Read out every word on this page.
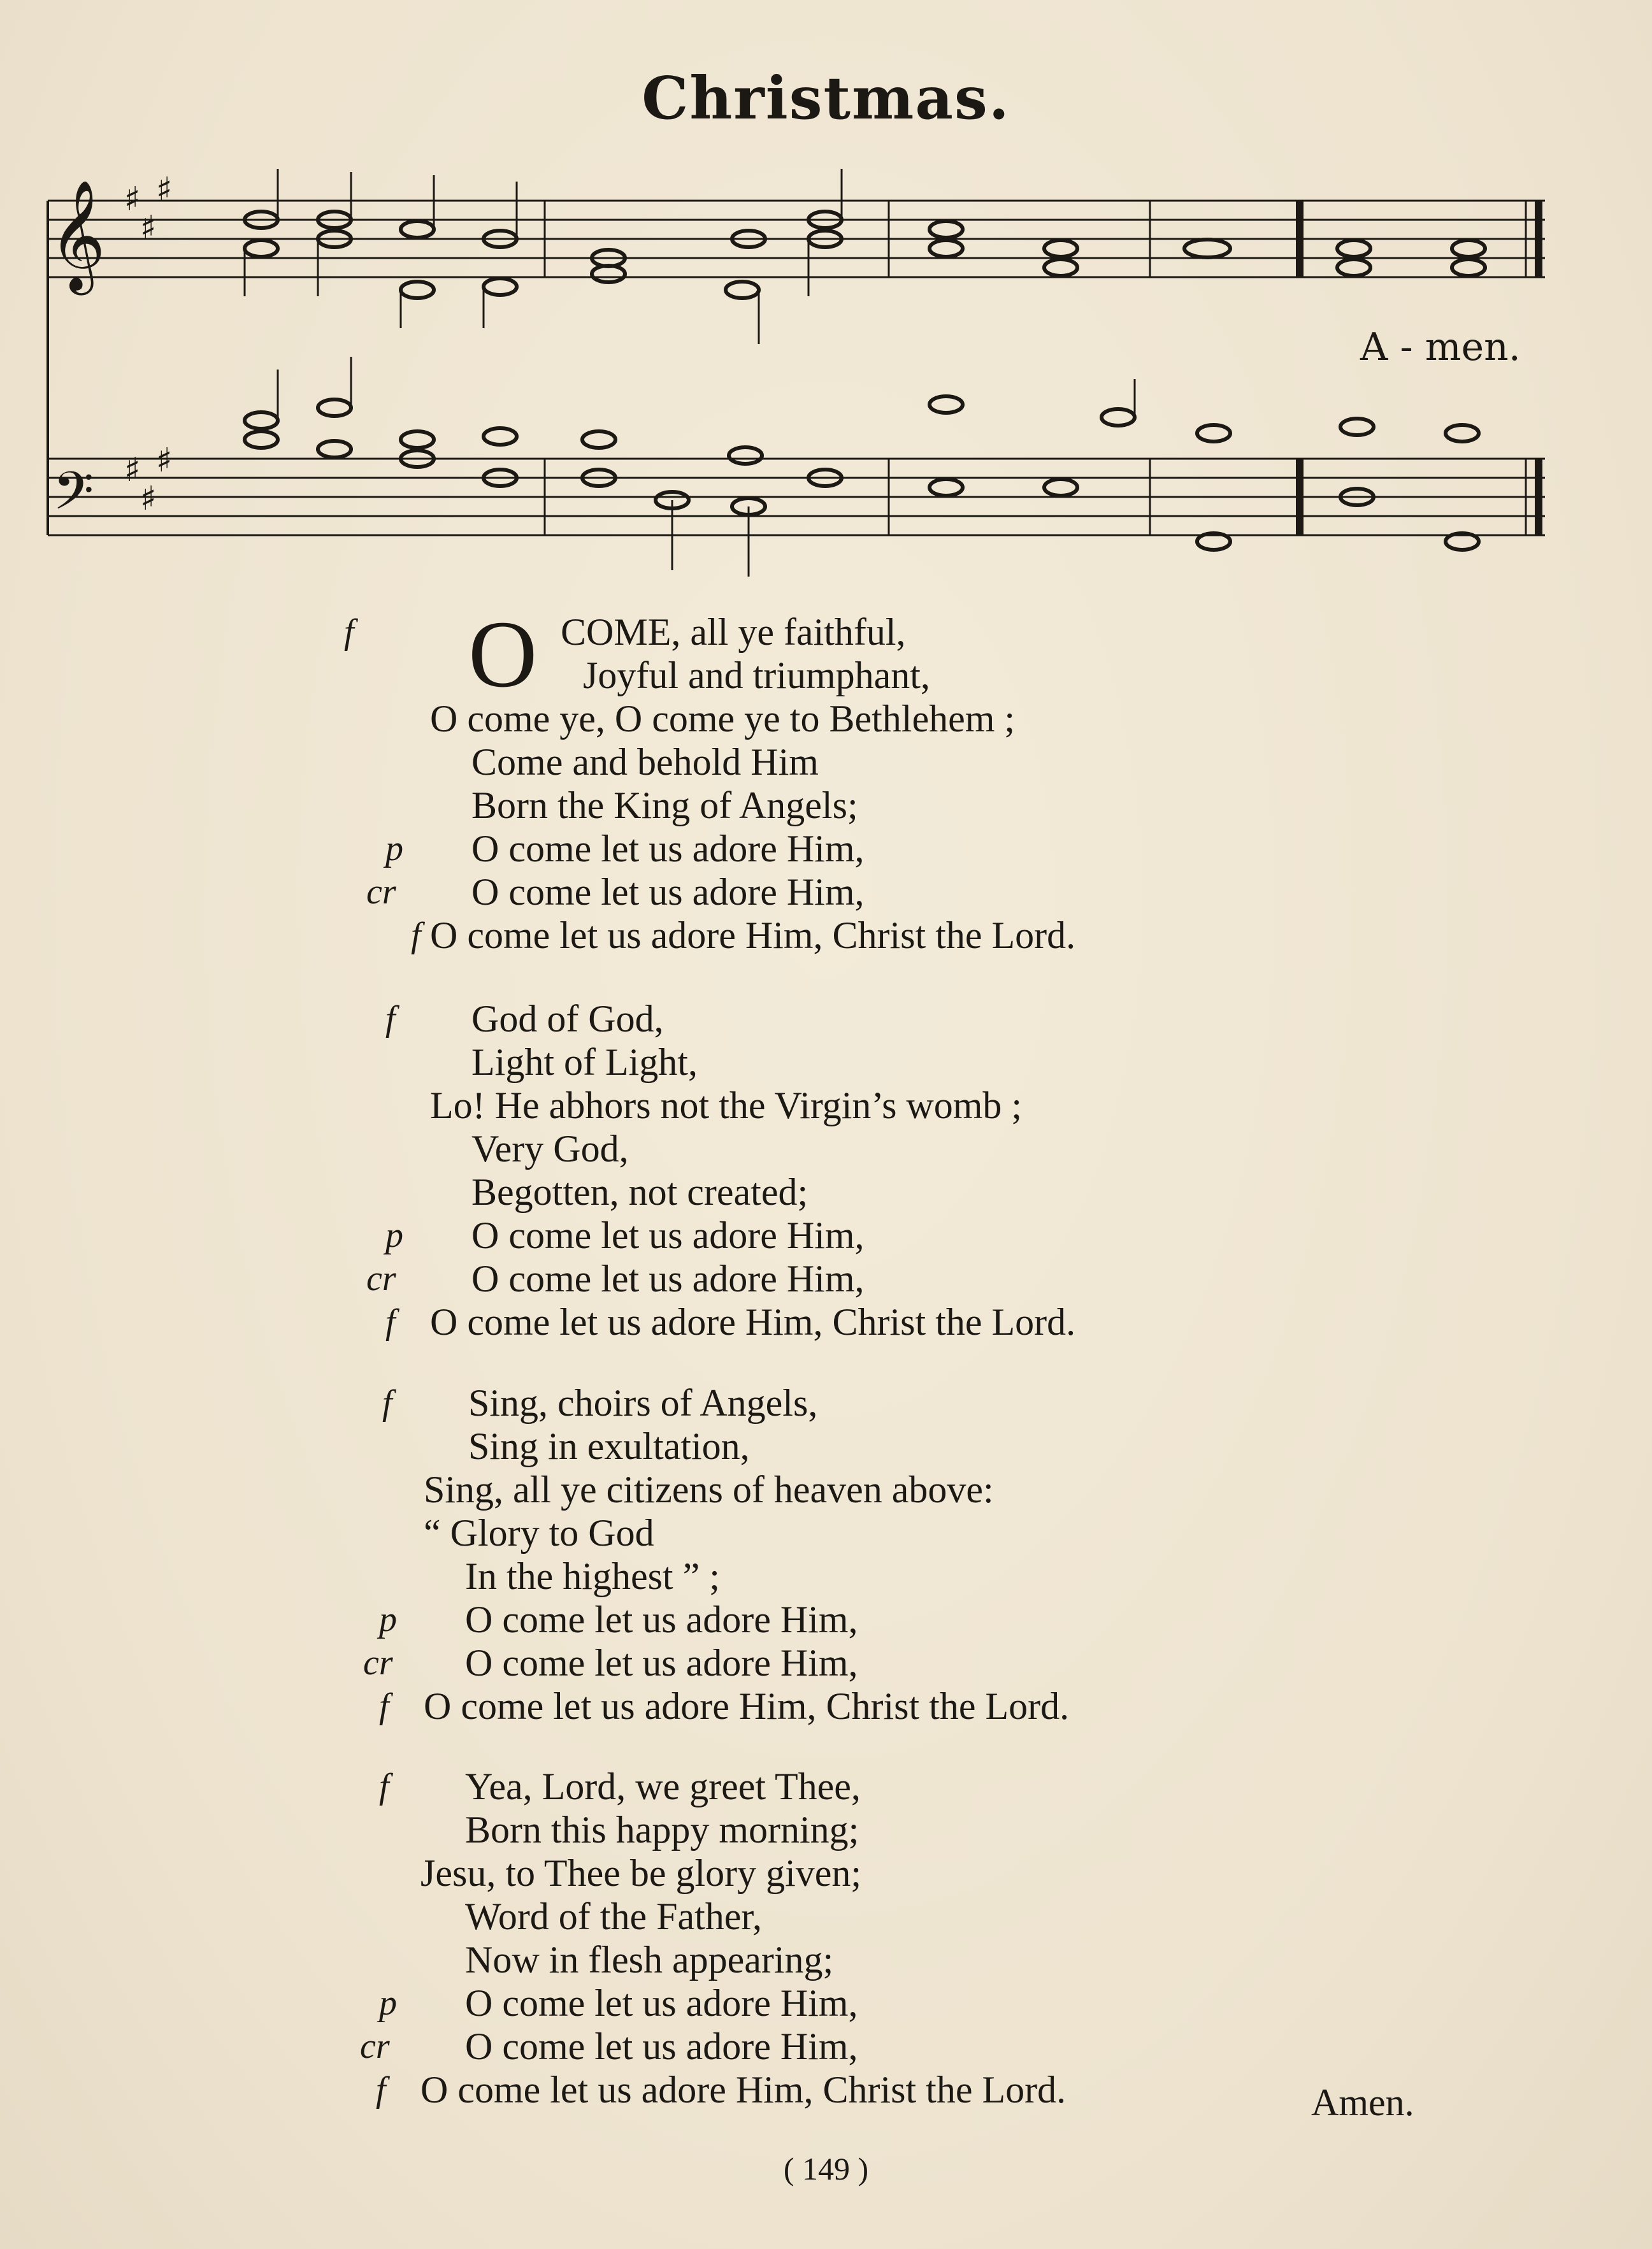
Christmas.
𝄞
𝄢
♯
♯
♯
♯
♯
♯
A - men.
f	O COME, all ye faithful,
Joyful and triumphant,
O come ye, O come ye to Bethlehem ;
Come and behold Him
Born the King of Angels;
p	O come let us adore Him,
cr	O come let us adore Him,
f O come let us adore Him, Christ the Lord.
f	God of God,
Light of Light,
Lo! He abhors not the Virgin’s womb ;
Very God,
Begotten, not created;
p	O come let us adore Him,
cr	O come let us adore Him,
f O come let us adore Him, Christ the Lord.
f	Sing, choirs of Angels,
Sing in exultation,
Sing, all ye citizens of heaven above:
“ Glory to God
In the highest ” ;
p	O come let us adore Him,
cr	O come let us adore Him,
f O come let us adore Him, Christ the Lord.
f	Yea, Lord, we greet Thee,
Born this happy morning;
Jesu, to Thee be glory given;
Word of the Father,
Now in flesh appearing;
p	O come let us adore Him,
cr	O come let us adore Him,
f O come let us adore Him, Christ the Lord.	Amen.
( 149 )
